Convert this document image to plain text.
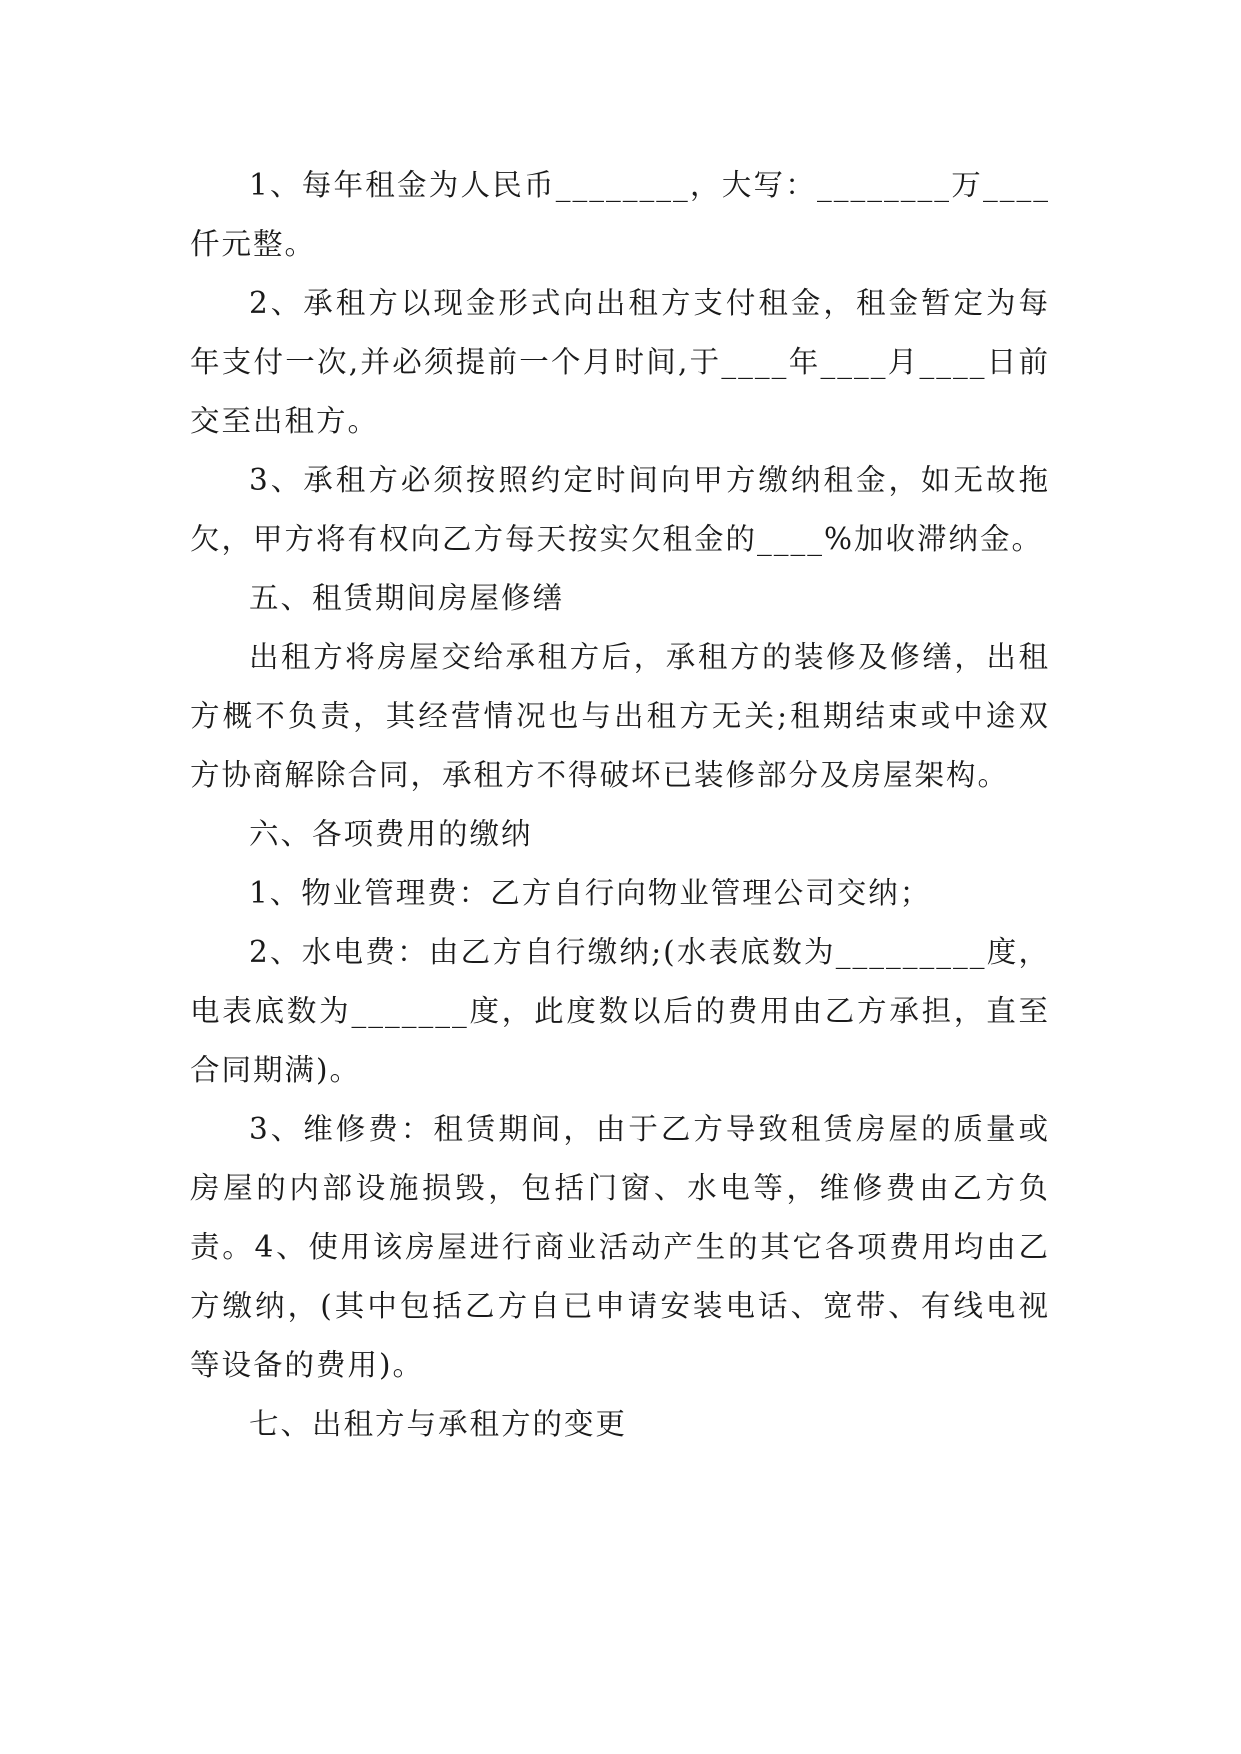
1、每年租金为人民币________，大写：________万____仟元整。

2、承租方以现金形式向出租方支付租金，租金暂定为每年支付一次,并必须提前一个月时间,于____年____月____日前交至出租方。

3、承租方必须按照约定时间向甲方缴纳租金，如无故拖欠，甲方将有权向乙方每天按实欠租金的____%加收滞纳金。

五、租赁期间房屋修缮

出租方将房屋交给承租方后，承租方的装修及修缮，出租方概不负责，其经营情况也与出租方无关;租期结束或中途双方协商解除合同，承租方不得破坏已装修部分及房屋架构。

六、各项费用的缴纳

1、物业管理费：乙方自行向物业管理公司交纳；

2、水电费：由乙方自行缴纳;(水表底数为_________度，电表底数为_______度，此度数以后的费用由乙方承担，直至合同期满)。

3、维修费：租赁期间，由于乙方导致租赁房屋的质量或房屋的内部设施损毁，包括门窗、水电等，维修费由乙方负责。4、使用该房屋进行商业活动产生的其它各项费用均由乙方缴纳，(其中包括乙方自已申请安装电话、宽带、有线电视等设备的费用)。

七、出租方与承租方的变更
